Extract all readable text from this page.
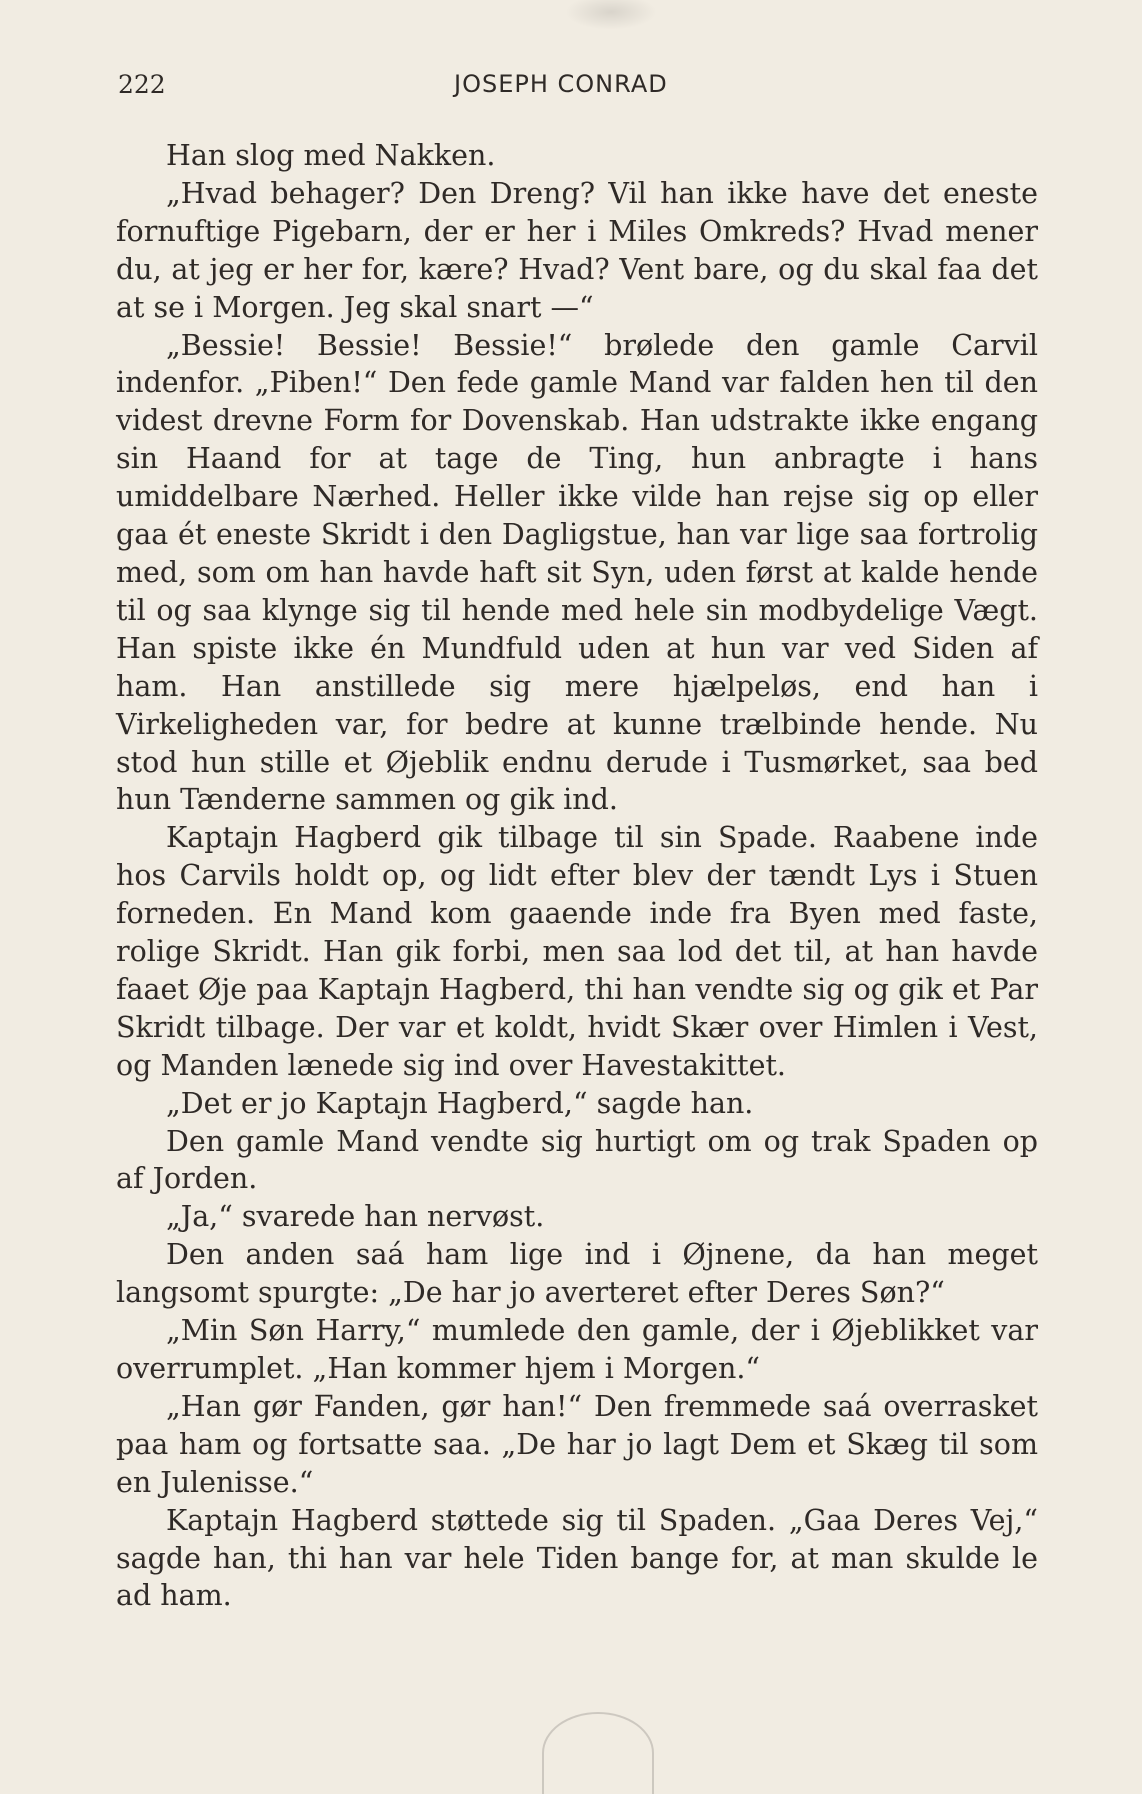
222	JOSEPH CONRAD

Han slog med Nakken.

„Hvad behager? Den Dreng? Vil han ikke have det eneste fornuftige Pigebarn, der er her i Miles Omkreds? Hvad mener du, at jeg er her for, kære? Hvad? Vent bare, og du skal faa det at se i Morgen. Jeg skal snart —“

„Bessie! Bessie! Bessie!“ brølede den gamle Carvil indenfor. „Piben!“ Den fede gamle Mand var falden hen til den videst drevne Form for Dovenskab. Han udstrakte ikke engang sin Haand for at tage de Ting, hun anbragte i hans umiddelbare Nærhed. Heller ikke vilde han rejse sig op eller gaa ét eneste Skridt i den Dagligstue, han var lige saa fortrolig med, som om han havde haft sit Syn, uden først at kalde hende til og saa klynge sig til hende med hele sin modbydelige Vægt. Han spiste ikke én Mundfuld uden at hun var ved Siden af ham. Han anstillede sig mere hjælpeløs, end han i Virkeligheden var, for bedre at kunne trælbinde hende. Nu stod hun stille et Øjeblik endnu derude i Tusmørket, saa bed hun Tænderne sammen og gik ind.

Kaptajn Hagberd gik tilbage til sin Spade. Raabene inde hos Carvils holdt op, og lidt efter blev der tændt Lys i Stuen forneden. En Mand kom gaaende inde fra Byen med faste, rolige Skridt. Han gik forbi, men saa lod det til, at han havde faaet Øje paa Kaptajn Hagberd, thi han vendte sig og gik et Par Skridt tilbage. Der var et koldt, hvidt Skær over Himlen i Vest, og Manden lænede sig ind over Havestakittet.

„Det er jo Kaptajn Hagberd,“ sagde han.

Den gamle Mand vendte sig hurtigt om og trak Spaden op af Jorden.

„Ja,“ svarede han nervøst.

Den anden saá ham lige ind i Øjnene, da han meget langsomt spurgte: „De har jo averteret efter Deres Søn?“

„Min Søn Harry,“ mumlede den gamle, der i Øjeblikket var overrumplet. „Han kommer hjem i Morgen.“

„Han gør Fanden, gør han!“ Den fremmede saá overrasket paa ham og fortsatte saa. „De har jo lagt Dem et Skæg til som en Julenisse.“

Kaptajn Hagberd støttede sig til Spaden. „Gaa Deres Vej,“ sagde han, thi han var hele Tiden bange for, at man skulde le ad ham.
